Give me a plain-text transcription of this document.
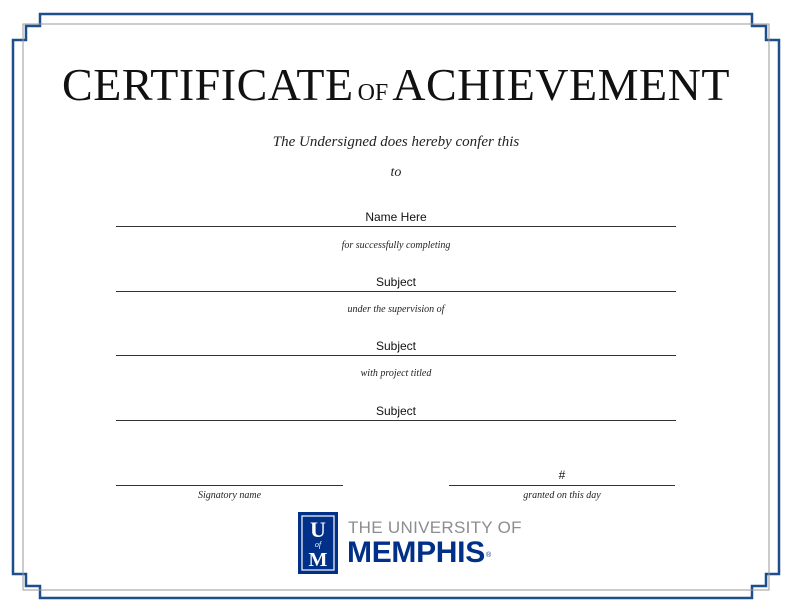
CERTIFICATE OFACHIEVEMENT
The Undersigned does hereby confer this
to
Name Here
for successfully completing
Subject
under the supervision of
Subject
with project titled
Subject
Signatory name
#
granted on this day
U
of
M
THE UNIVERSITY OF
MEMPHIS ®
